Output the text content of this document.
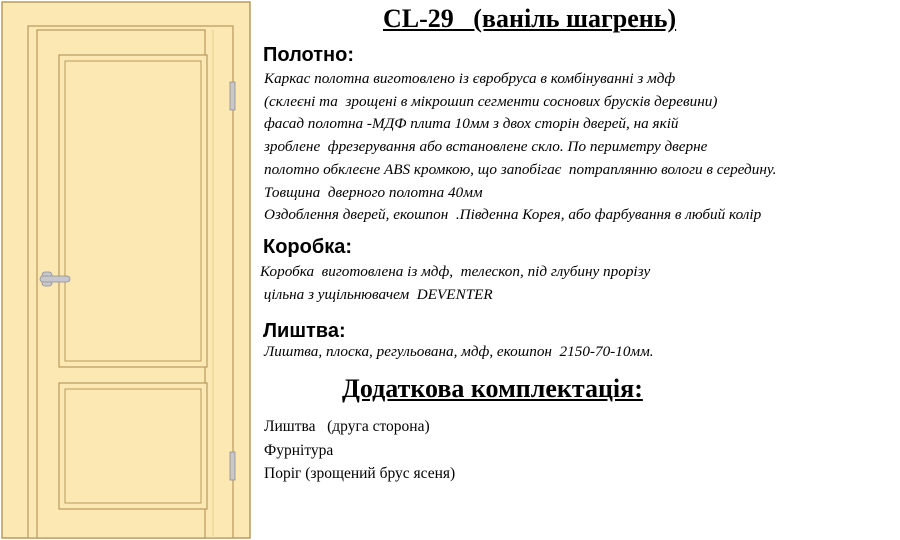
CL-29   (ваніль шагрень)
Полотно:
Каркас полотна виготовлено із євробруса в комбінуванні з мдф
(склеєні та  зрощені в мікрошип сегменти соснових брусків деревини)
фасад полотна -МДФ плита 10мм з двох сторін дверей, на якій
зроблене  фрезерування або встановлене скло. По периметру дверне
полотно обклеєне ABS кромкою, що запобігає  потраплянню вологи в середину.
Товщина  дверного полотна 40мм
Оздоблення дверей, екошпон  .Південна Корея, або фарбування в любий колір
Коробка:
Коробка  виготовлена із мдф,  телескоп, під глубину прорізу
цільна з ущільнювачем  DEVENTER
Лиштва:
Лиштва, плоска, регульована, мдф, екошпон  2150-70-10мм.
Додаткова комплектація:
Лиштва   (друга сторона)
Фурнітура
Поріг (зрощений брус ясеня)
